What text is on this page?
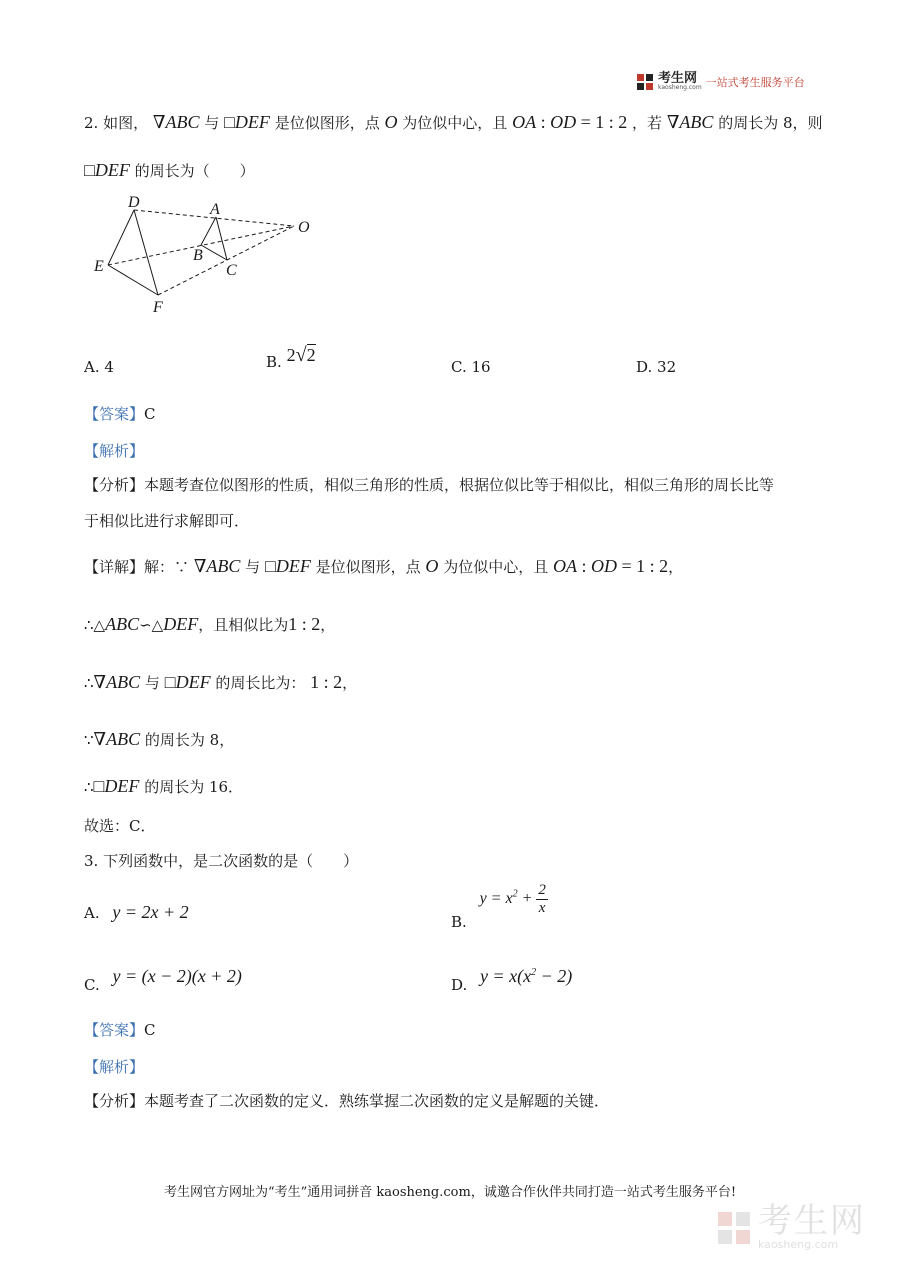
考生网
kaosheng.com 一站式考生服务平台
2. 如图， ∇ABC 与 □DEF 是位似图形，点 O 为位似中心，且 OA : OD = 1 : 2 ，若 ∇ABC 的周长为 8，则
□DEF 的周长为（　　）
D	A
O
E
B
C
F
A. 4	B. 2√2
C. 16	D. 32
【答案】C
【解析】
【分析】本题考查位似图形的性质，相似三角形的性质，根据位似比等于相似比，相似三角形的周长比等
于相似比进行求解即可．
【详解】解：∵ ∇ABC 与 □DEF 是位似图形，点 O 为位似中心，且 OA : OD = 1 : 2，
∴△ABC∽△DEF，且相似比为1 : 2，
∴∇ABC 与 □DEF 的周长比为： 1 : 2，
∵∇ABC 的周长为 8，
∴□DEF 的周长为 16．
故选：C．
3. 下列函数中，是二次函数的是（　　）
A. y = 2x + 2
B. $y = x^2 + \frac{2}{x}$
C. y = (x − 2)(x + 2)	D. $y = x(x^2 - 2)$
【答案】C
【解析】
【分析】本题考查了二次函数的定义．熟练掌握二次函数的定义是解题的关键．
考生网官方网址为“考生”通用词拼音 kaosheng.com，诚邀合作伙伴共同打造一站式考生服务平台!
考生网
kaosheng.com
